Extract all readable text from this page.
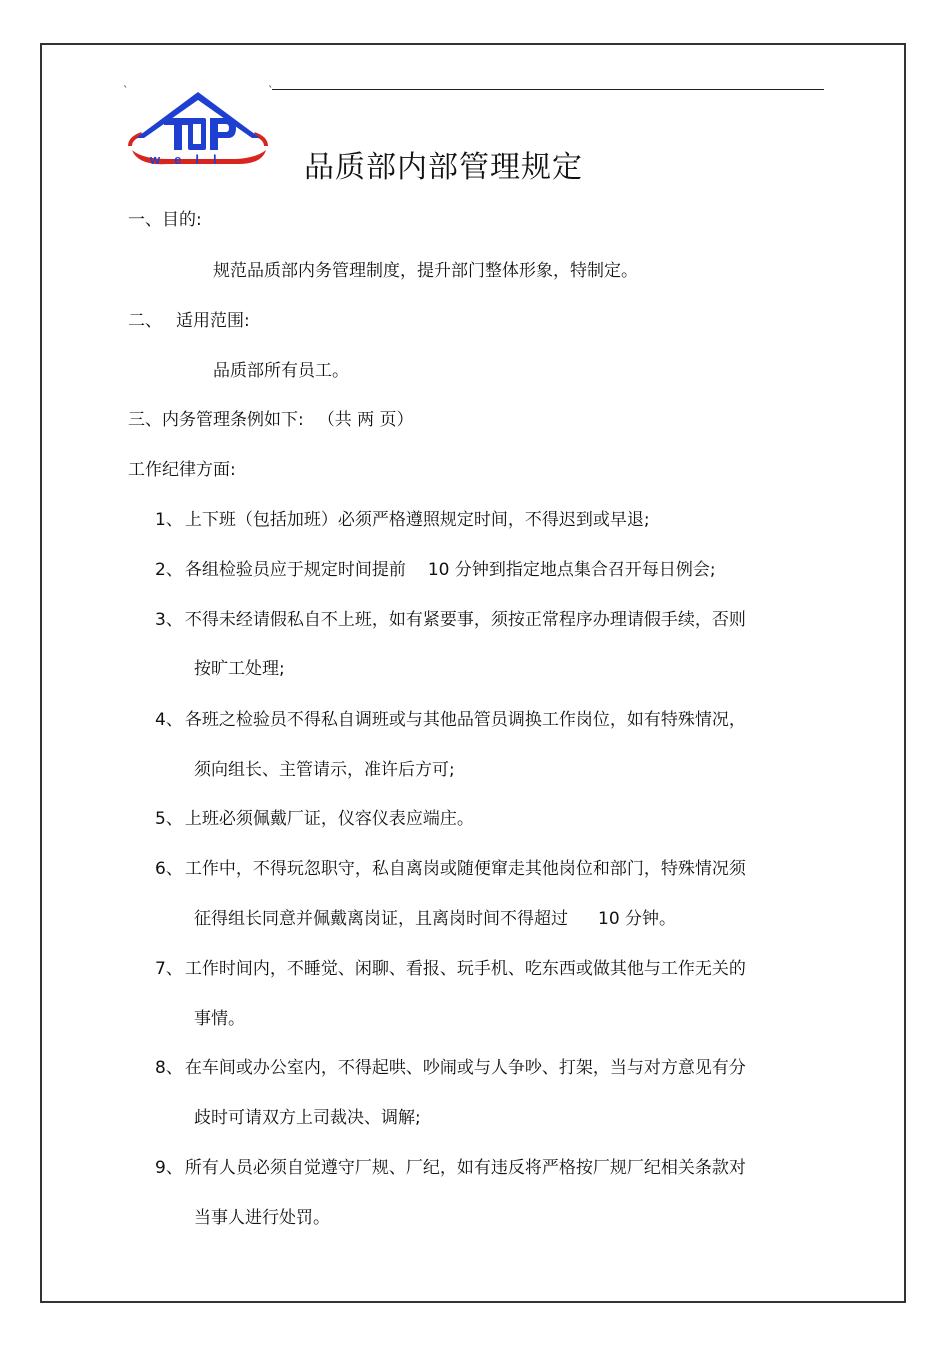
`	`
well 品质部内部管理规定
一、目的:
规范品质部内务管理制度，提升部门整体形象，特制定。
二、 适用范围:
品质部所有员工。
三、内务管理条例如下: （共 两 页）
工作纪律方面:
1、 上下班（包括加班）必须严格遵照规定时间，不得迟到或早退;
2、 各组检验员应于规定时间提前 10 分钟到指定地点集合召开每日例会;
3、 不得未经请假私自不上班，如有紧要事，须按正常程序办理请假手续，否则
按旷工处理;
4、 各班之检验员不得私自调班或与其他品管员调换工作岗位，如有特殊情况，
须向组长、主管请示，准许后方可;
5、 上班必须佩戴厂证，仪容仪表应端庄。
6、 工作中，不得玩忽职守，私自离岗或随便窜走其他岗位和部门，特殊情况须
征得组长同意并佩戴离岗证，且离岗时间不得超过 10 分钟。
7、 工作时间内，不睡觉、闲聊、看报、玩手机、吃东西或做其他与工作无关的
事情。
8、 在车间或办公室内，不得起哄、吵闹或与人争吵、打架，当与对方意见有分
歧时可请双方上司裁决、调解;
9、 所有人员必须自觉遵守厂规、厂纪，如有违反将严格按厂规厂纪相关条款对
当事人进行处罚。
